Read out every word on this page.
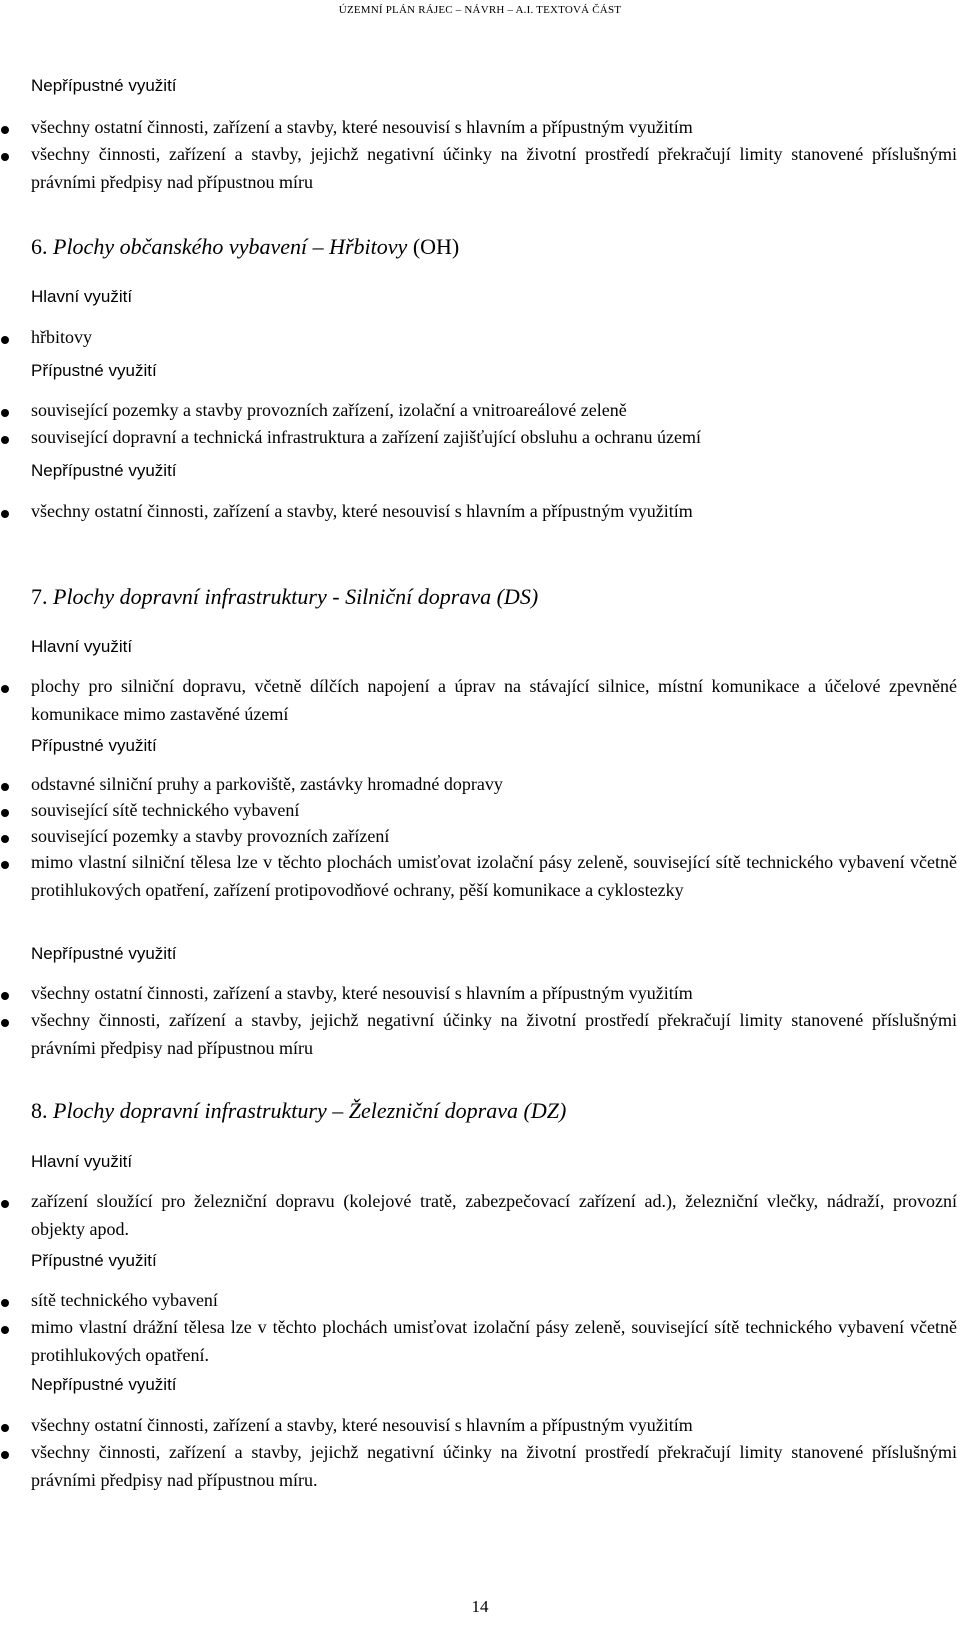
ÚZEMNÍ PLÁN RÁJEC – NÁVRH – A.I. TEXTOVÁ ČÁST
Nepřípustné využití
všechny ostatní činnosti, zařízení a stavby, které nesouvisí s hlavním a přípustným využitím
všechny činnosti, zařízení a stavby, jejichž negativní účinky na životní prostředí překračují limity stanovené příslušnými právními předpisy nad přípustnou míru
6. Plochy občanského vybavení – Hřbitovy (OH)
Hlavní využití
hřbitovy
Přípustné využití
související pozemky a stavby provozních zařízení, izolační a vnitroareálové zeleně
související dopravní a technická infrastruktura a zařízení zajišťující obsluhu a ochranu území
Nepřípustné využití
všechny ostatní činnosti, zařízení a stavby, které nesouvisí s hlavním a přípustným využitím
7. Plochy dopravní infrastruktury - Silniční doprava (DS)
Hlavní využití
plochy pro silniční dopravu, včetně dílčích napojení a úprav na stávající silnice, místní komunikace a účelové zpevněné komunikace mimo zastavěné území
Přípustné využití
odstavné silniční pruhy a parkoviště, zastávky hromadné dopravy
související sítě technického vybavení
související pozemky a stavby provozních zařízení
mimo vlastní silniční tělesa lze v těchto plochách umisťovat izolační pásy zeleně, související sítě technického vybavení včetně protihlukových opatření, zařízení protipovodňové ochrany, pěší komunikace a cyklostezky
Nepřípustné využití
všechny ostatní činnosti, zařízení a stavby, které nesouvisí s hlavním a přípustným využitím
všechny činnosti, zařízení a stavby, jejichž negativní účinky na životní prostředí překračují limity stanovené příslušnými právními předpisy nad přípustnou míru
8. Plochy dopravní infrastruktury – Železniční doprava (DZ)
Hlavní využití
zařízení sloužící pro železniční dopravu (kolejové tratě, zabezpečovací zařízení ad.), železniční vlečky, nádraží, provozní objekty apod.
Přípustné využití
sítě technického vybavení
mimo vlastní drážní tělesa lze v těchto plochách umisťovat izolační pásy zeleně, související sítě technického vybavení včetně protihlukových opatření.
Nepřípustné využití
všechny ostatní činnosti, zařízení a stavby, které nesouvisí s hlavním a přípustným využitím
všechny činnosti, zařízení a stavby, jejichž negativní účinky na životní prostředí překračují limity stanovené příslušnými právními předpisy nad přípustnou míru.
14
